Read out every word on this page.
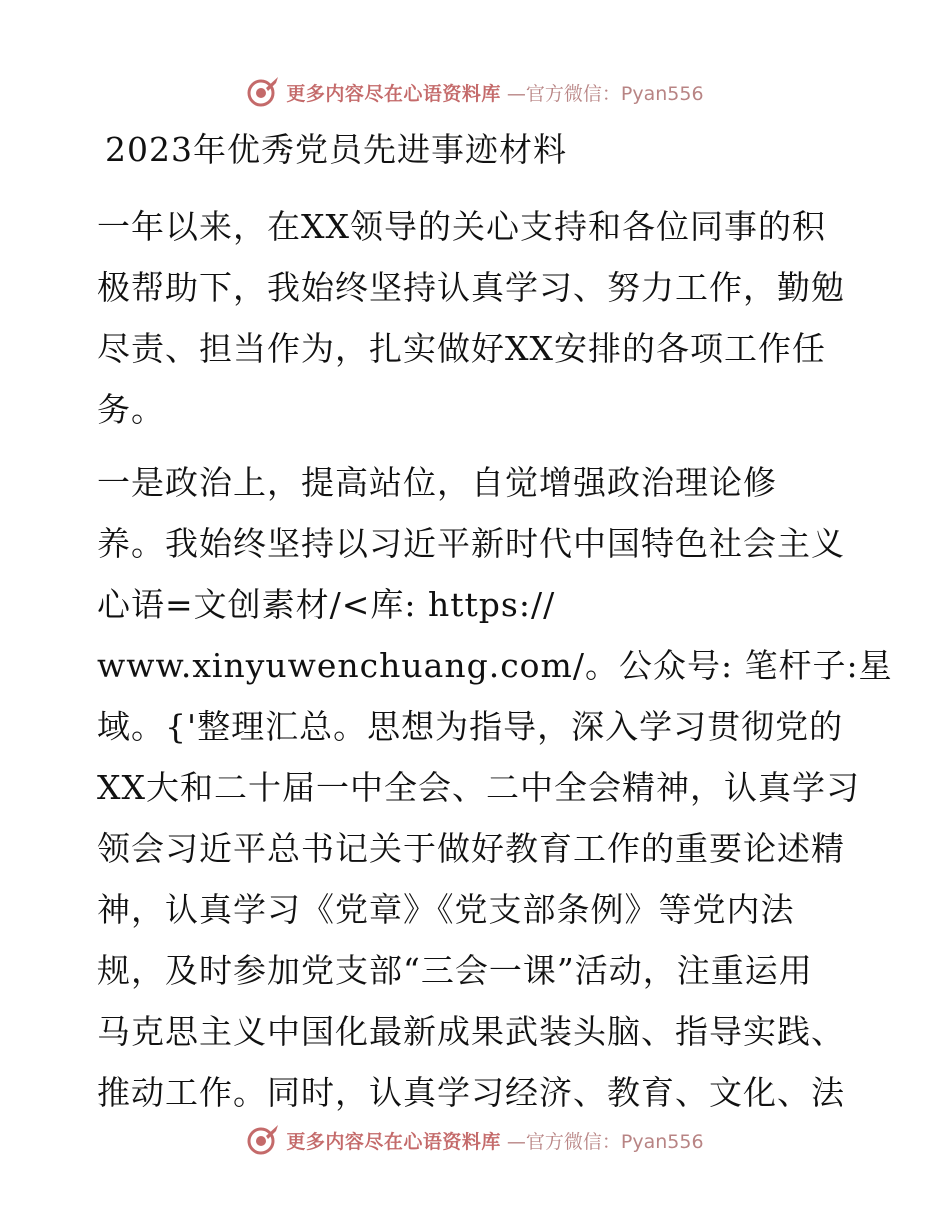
更多内容尽在心语资料库 —官方微信：Pyan556
2023年优秀党员先进事迹材料
一年以来，在XX领导的关心支持和各位同事的积
极帮助下，我始终坚持认真学习、努力工作，勤勉
尽责、担当作为，扎实做好XX安排的各项工作任
务。
一是政治上，提高站位，自觉增强政治理论修
养。我始终坚持以习近平新时代中国特色社会主义
心语=文创素材/<库: https://
www.xinyuwenchuang.com/。公众号: 笔杆子:星
域。{'整理汇总。思想为指导，深入学习贯彻党的
XX大和二十届一中全会、二中全会精神，认真学习
领会习近平总书记关于做好教育工作的重要论述精
神，认真学习《党章》《党支部条例》等党内法
规，及时参加党支部“三会一课”活动，注重运用
马克思主义中国化最新成果武装头脑、指导实践、
推动工作。同时，认真学习经济、教育、文化、法
更多内容尽在心语资料库 —官方微信：Pyan556
